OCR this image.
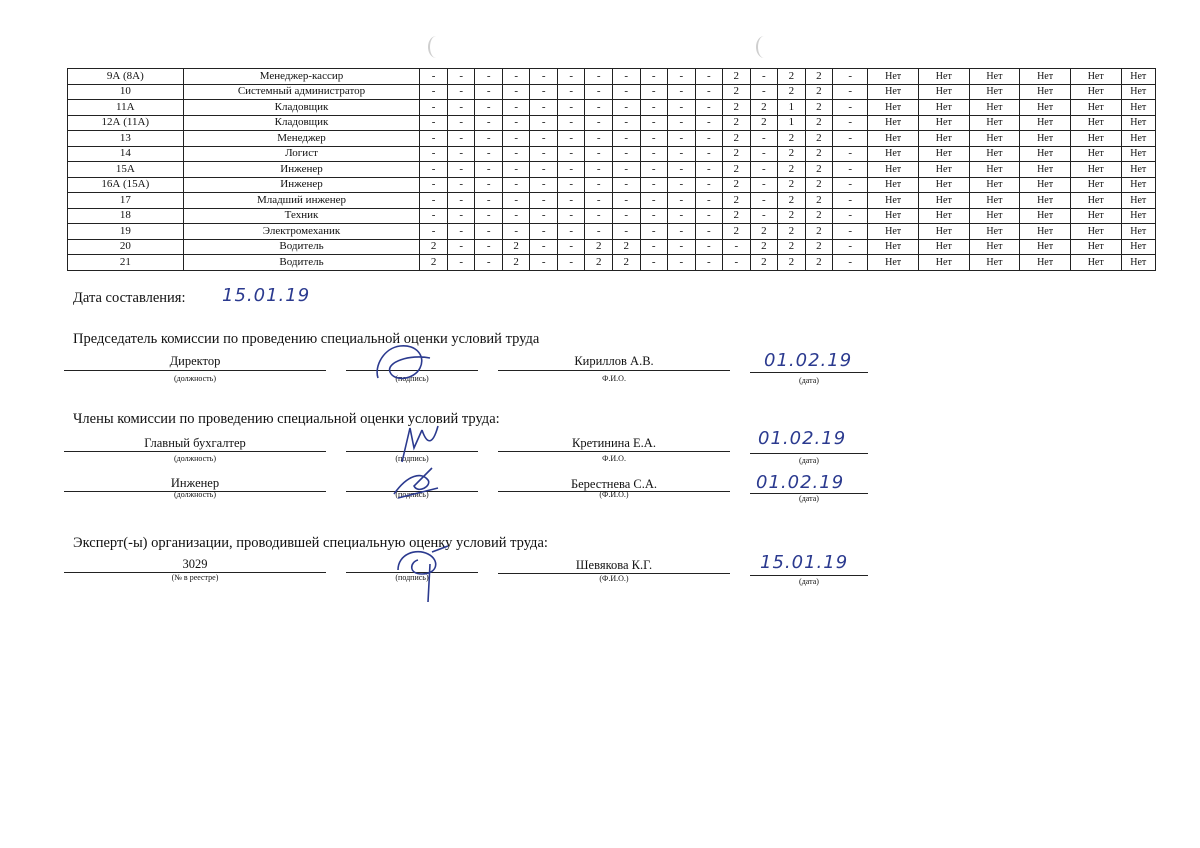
9А (8А)	Менеджер-кассир	-	-	-	-	-	-	-	-	-	-	-	2	-	2	2	-	Нет	Нет	Нет	Нет	Нет	Нет
10	Системный администратор	-	-	-	-	-	-	-	-	-	-	-	2	-	2	2	-	Нет	Нет	Нет	Нет	Нет	Нет
11А	Кладовщик	-	-	-	-	-	-	-	-	-	-	-	2	2	1	2	-	Нет	Нет	Нет	Нет	Нет	Нет
12А (11А)	Кладовщик	-	-	-	-	-	-	-	-	-	-	-	2	2	1	2	-	Нет	Нет	Нет	Нет	Нет	Нет
13	Менеджер	-	-	-	-	-	-	-	-	-	-	-	2	-	2	2	-	Нет	Нет	Нет	Нет	Нет	Нет
14	Логист	-	-	-	-	-	-	-	-	-	-	-	2	-	2	2	-	Нет	Нет	Нет	Нет	Нет	Нет
15А	Инженер	-	-	-	-	-	-	-	-	-	-	-	2	-	2	2	-	Нет	Нет	Нет	Нет	Нет	Нет
16А (15А)	Инженер	-	-	-	-	-	-	-	-	-	-	-	2	-	2	2	-	Нет	Нет	Нет	Нет	Нет	Нет
17	Младший инженер	-	-	-	-	-	-	-	-	-	-	-	2	-	2	2	-	Нет	Нет	Нет	Нет	Нет	Нет
18	Техник	-	-	-	-	-	-	-	-	-	-	-	2	-	2	2	-	Нет	Нет	Нет	Нет	Нет	Нет
19	Электромеханик	-	-	-	-	-	-	-	-	-	-	-	2	2	2	2	-	Нет	Нет	Нет	Нет	Нет	Нет
20	Водитель	2	-	-	2	-	-	2	2	-	-	-	-	2	2	2	-	Нет	Нет	Нет	Нет	Нет	Нет
21	Водитель	2	-	-	2	-	-	2	2	-	-	-	-	2	2	2	-	Нет	Нет	Нет	Нет	Нет	Нет
Дата составления: 15.01.19
Председатель комиссии по проведению специальной оценки условий труда
Директор
(должность)	(подпись)
Кириллов А.В.
Ф.И.О.
01.02.19
(дата)
Члены комиссии по проведению специальной оценки условий труда:
Главный бухгалтер
(должность)	(подпись)
Кретинина Е.А.
Ф.И.О.
01.02.19
(дата)
Инженер
(должность)	(подпись)
Берестнева С.А.
(Ф.И.О.)
01.02.19
(дата)
Эксперт(-ы) организации, проводившей специальную оценку условий труда:
3029
(№ в реестре)	(подпись)
Шевякова К.Г.
(Ф.И.О.)
15.01.19
(дата)
